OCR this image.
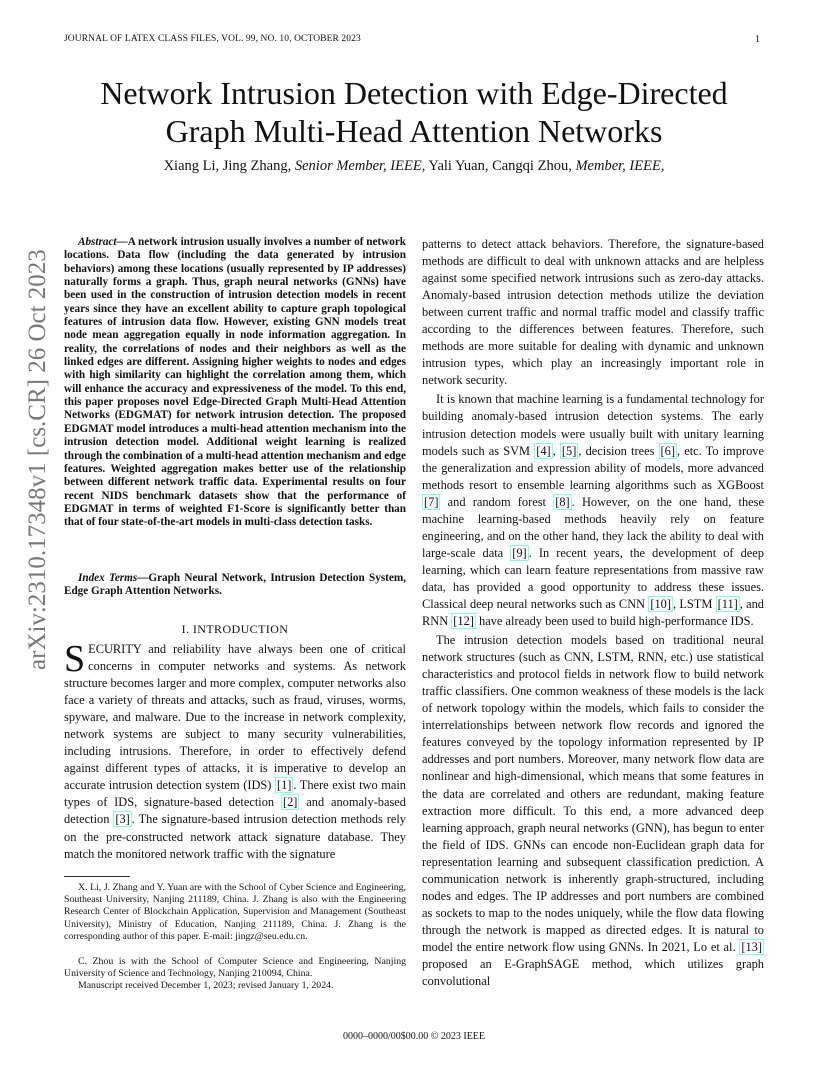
JOURNAL OF LATEX CLASS FILES, VOL. 99, NO. 10, OCTOBER 2023	1
Network Intrusion Detection with Edge-Directed Graph Multi-Head Attention Networks
Xiang Li, Jing Zhang, Senior Member, IEEE, Yali Yuan, Cangqi Zhou, Member, IEEE,
arXiv:2310.17348v1 [cs.CR] 26 Oct 2023
Abstract—A network intrusion usually involves a number of network locations. Data flow (including the data generated by intrusion behaviors) among these locations (usually represented by IP addresses) naturally forms a graph. Thus, graph neural networks (GNNs) have been used in the construction of intrusion detection models in recent years since they have an excellent ability to capture graph topological features of intrusion data flow. However, existing GNN models treat node mean aggregation equally in node information aggregation. In reality, the correlations of nodes and their neighbors as well as the linked edges are different. Assigning higher weights to nodes and edges with high similarity can highlight the correlation among them, which will enhance the accuracy and expressiveness of the model. To this end, this paper proposes novel Edge-Directed Graph Multi-Head Attention Networks (EDGMAT) for network intrusion detection. The proposed EDGMAT model introduces a multi-head attention mechanism into the intrusion detection model. Additional weight learning is realized through the combination of a multi-head attention mechanism and edge features. Weighted aggregation makes better use of the relationship between different network traffic data. Experimental results on four recent NIDS benchmark datasets show that the performance of EDGMAT in terms of weighted F1-Score is significantly better than that of four state-of-the-art models in multi-class detection tasks.
Index Terms—Graph Neural Network, Intrusion Detection System, Edge Graph Attention Networks.
I. INTRODUCTION
SECURITY and reliability have always been one of critical concerns in computer networks and systems. As network structure becomes larger and more complex, computer networks also face a variety of threats and attacks, such as fraud, viruses, worms, spyware, and malware. Due to the increase in network complexity, network systems are subject to many security vulnerabilities, including intrusions. Therefore, in order to effectively defend against different types of attacks, it is imperative to develop an accurate intrusion detection system (IDS) [1] . There exist two main types of IDS, signature-based detection [2] and anomaly-based detection [3] . The signature-based intrusion detection methods rely on the pre-constructed network attack signature database. They match the monitored network traffic with the signature
X. Li, J. Zhang and Y. Yuan are with the School of Cyber Science and Engineering, Southeast University, Nanjing 211189, China. J. Zhang is also with the Engineering Research Center of Blockchain Application, Supervision and Management (Southeast University), Ministry of Education, Nanjing 211189, China. J. Zhang is the corresponding author of this paper. E-mail: jingz@seu.edu.cn.
C. Zhou is with the School of Computer Science and Engineering, Nanjing University of Science and Technology, Nanjing 210094, China.
Manuscript received December 1, 2023; revised January 1, 2024.

patterns to detect attack behaviors. Therefore, the signature-based methods are difficult to deal with unknown attacks and are helpless against some specified network intrusions such as zero-day attacks. Anomaly-based intrusion detection methods utilize the deviation between current traffic and normal traffic model and classify traffic according to the differences between features. Therefore, such methods are more suitable for dealing with dynamic and unknown intrusion types, which play an increasingly important role in network security.

It is known that machine learning is a fundamental technology for building anomaly-based intrusion detection systems. The early intrusion detection models were usually built with unitary learning models such as SVM [4] , [5] , decision trees [6] , etc. To improve the generalization and expression ability of models, more advanced methods resort to ensemble learning algorithms such as XGBoost [7] and random forest [8] . However, on the one hand, these machine learning-based methods heavily rely on feature engineering, and on the other hand, they lack the ability to deal with large-scale data [9] . In recent years, the development of deep learning, which can learn feature representations from massive raw data, has provided a good opportunity to address these issues. Classical deep neural networks such as CNN [10] , LSTM [11] , and RNN [12] have already been used to build high-performance IDS.

The intrusion detection models based on traditional neural network structures (such as CNN, LSTM, RNN, etc.) use statistical characteristics and protocol fields in network flow to build network traffic classifiers. One common weakness of these models is the lack of network topology within the models, which fails to consider the interrelationships between network flow records and ignored the features conveyed by the topology information represented by IP addresses and port numbers. Moreover, many network flow data are nonlinear and high-dimensional, which means that some features in the data are correlated and others are redundant, making feature extraction more difficult. To this end, a more advanced deep learning approach, graph neural networks (GNN), has begun to enter the field of IDS. GNNs can encode non-Euclidean graph data for representation learning and subsequent classification prediction. A communication network is inherently graph-structured, including nodes and edges. The IP addresses and port numbers are combined as sockets to map to the nodes uniquely, while the flow data flowing through the network is mapped as directed edges. It is natural to model the entire network flow using GNNs. In 2021, Lo et al. [13] proposed an E-GraphSAGE method, which utilizes graph convolutional

0000–0000/00$00.00 © 2023 IEEE
